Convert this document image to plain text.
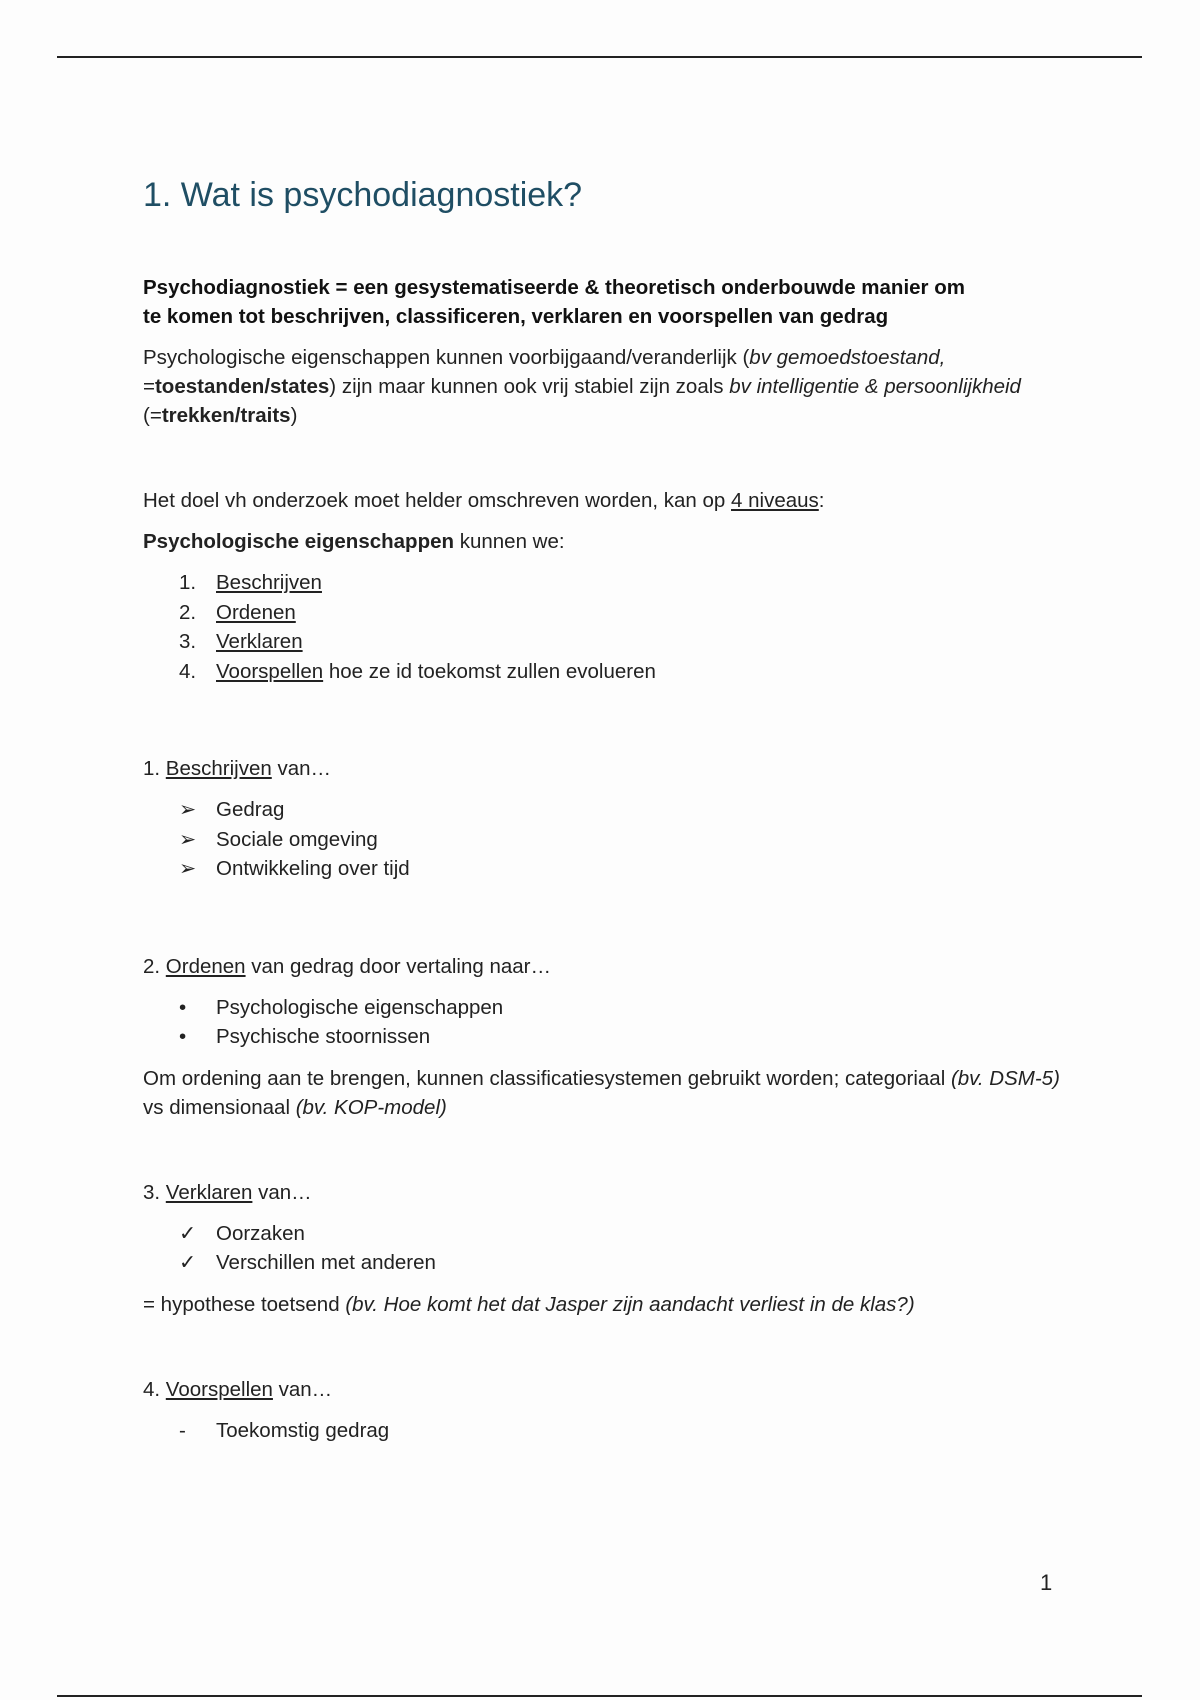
1. Wat is psychodiagnostiek?

Psychodiagnostiek = een gesystematiseerde & theoretisch onderbouwde manier om
te komen tot beschrijven, classificeren, verklaren en voorspellen van gedrag

Psychologische eigenschappen kunnen voorbijgaand/veranderlijk (bv gemoedstoestand,
=toestanden/states) zijn maar kunnen ook vrij stabiel zijn zoals bv intelligentie & persoonlijkheid (=trekken/traits)

Het doel vh onderzoek moet helder omschreven worden, kan op 4 niveaus:

Psychologische eigenschappen kunnen we:

1. Beschrijven
2. Ordenen
3. Verklaren
4. Voorspellen hoe ze id toekomst zullen evolueren

1. Beschrijven van…

➢ Gedrag
➢ Sociale omgeving
➢ Ontwikkeling over tijd

2. Ordenen van gedrag door vertaling naar…

•	Psychologische eigenschappen
•	Psychische stoornissen

Om ordening aan te brengen, kunnen classificatiesystemen gebruikt worden; categoriaal (bv. DSM-5) vs dimensionaal (bv. KOP-model)

3. Verklaren van…

✓ Oorzaken
✓ Verschillen met anderen

= hypothese toetsend (bv. Hoe komt het dat Jasper zijn aandacht verliest in de klas?)

4. Voorspellen van…

-	Toekomstig gedrag
1
